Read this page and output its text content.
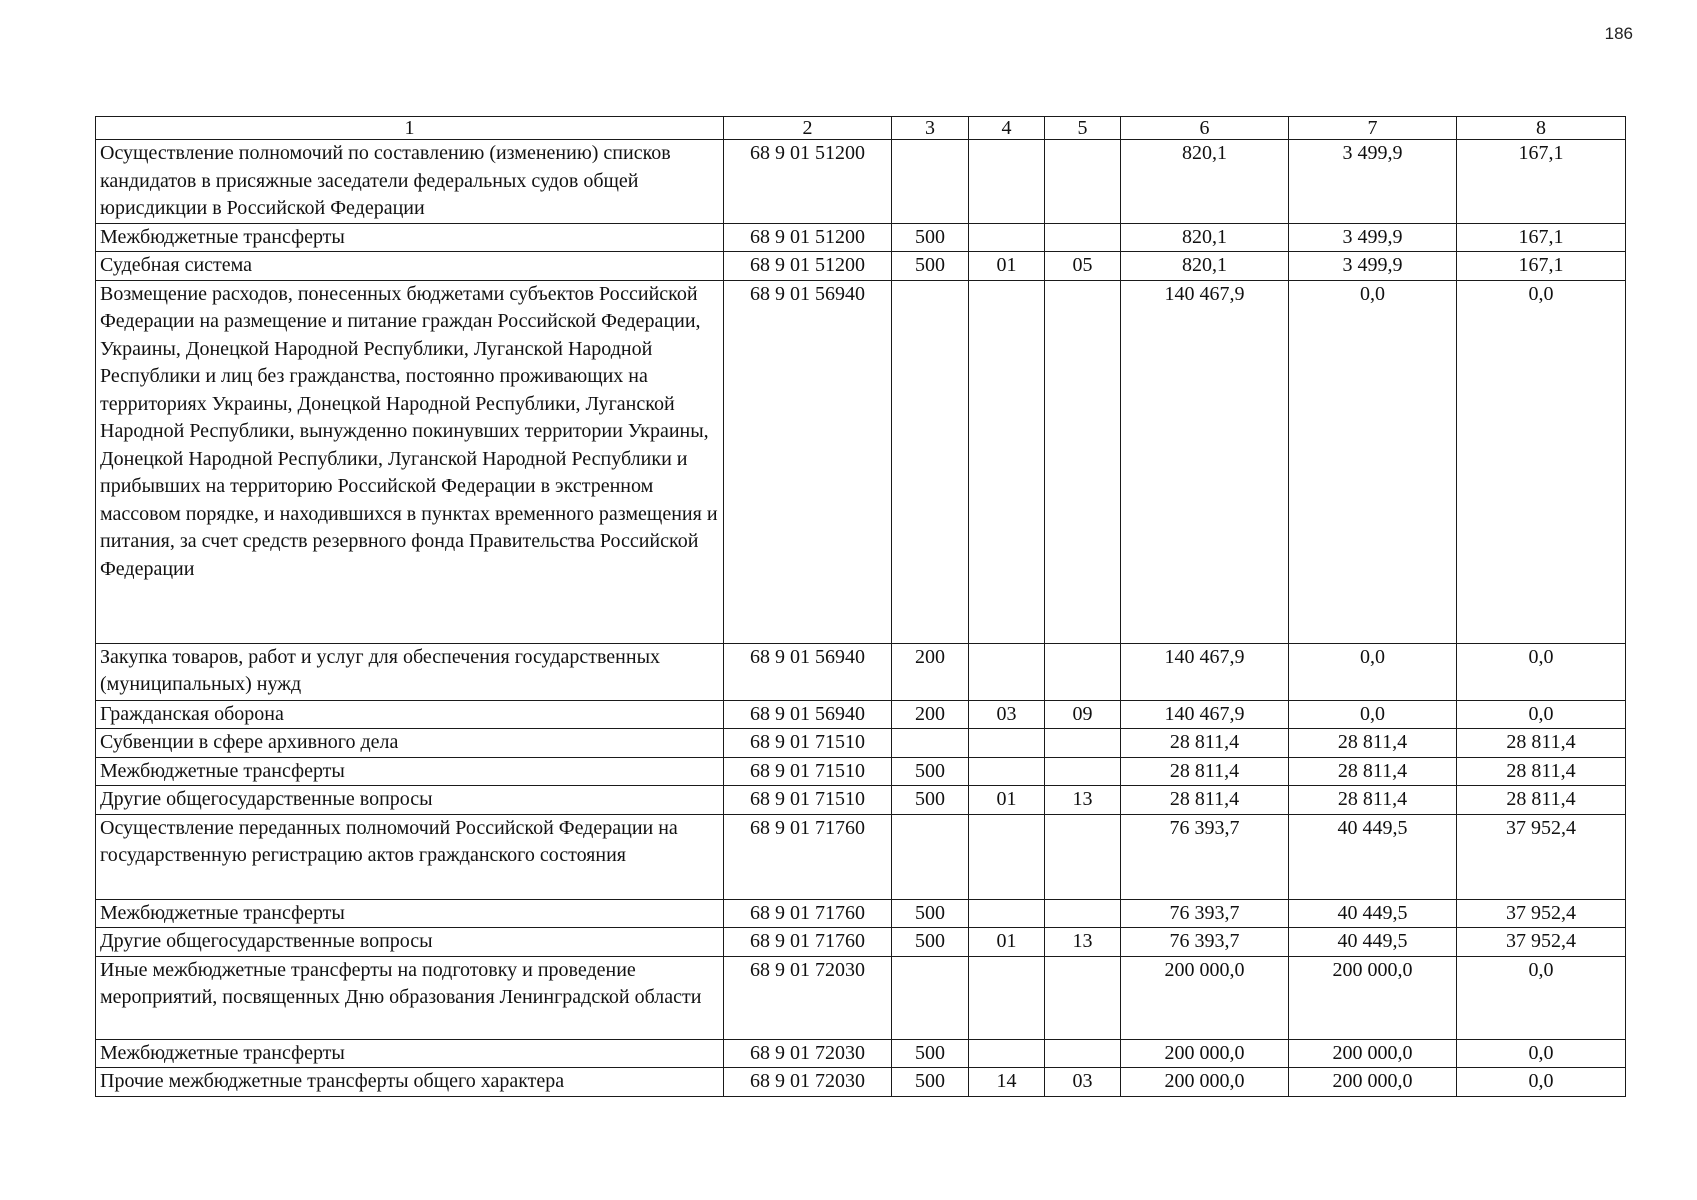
186
1	2	3	4	5	6	7	8
Осуществление полномочий по составлению (изменению) списков кандидатов в присяжные заседатели федеральных судов общей юрисдикции в Российской Федерации	68 9 01 51200				820,1	3 499,9	167,1
Межбюджетные трансферты	68 9 01 51200	500			820,1	3 499,9	167,1
Судебная система	68 9 01 51200	500	01	05	820,1	3 499,9	167,1
Возмещение расходов, понесенных бюджетами субъектов Российской Федерации на размещение и питание граждан Российской Федерации, Украины, Донецкой Народной Республики, Луганской Народной Республики и лиц без гражданства, постоянно проживающих на территориях Украины, Донецкой Народной Республики, Луганской Народной Республики, вынужденно покинувших территории Украины, Донецкой Народной Республики, Луганской Народной Республики и прибывших на территорию Российской Федерации в экстренном массовом порядке, и находившихся в пунктах временного размещения и питания, за счет средств резервного фонда Правительства Российской Федерации	68 9 01 56940				140 467,9	0,0	0,0
Закупка товаров, работ и услуг для обеспечения государственных (муниципальных) нужд	68 9 01 56940	200			140 467,9	0,0	0,0
Гражданская оборона	68 9 01 56940	200	03	09	140 467,9	0,0	0,0
Субвенции в сфере архивного дела	68 9 01 71510				28 811,4	28 811,4	28 811,4
Межбюджетные трансферты	68 9 01 71510	500			28 811,4	28 811,4	28 811,4
Другие общегосударственные вопросы	68 9 01 71510	500	01	13	28 811,4	28 811,4	28 811,4
Осуществление переданных полномочий Российской Федерации на государственную регистрацию актов гражданского состояния	68 9 01 71760				76 393,7	40 449,5	37 952,4
Межбюджетные трансферты	68 9 01 71760	500			76 393,7	40 449,5	37 952,4
Другие общегосударственные вопросы	68 9 01 71760	500	01	13	76 393,7	40 449,5	37 952,4
Иные межбюджетные трансферты на подготовку и проведение мероприятий, посвященных Дню образования Ленинградской области	68 9 01 72030				200 000,0	200 000,0	0,0
Межбюджетные трансферты	68 9 01 72030	500			200 000,0	200 000,0	0,0
Прочие межбюджетные трансферты общего характера	68 9 01 72030	500	14	03	200 000,0	200 000,0	0,0
